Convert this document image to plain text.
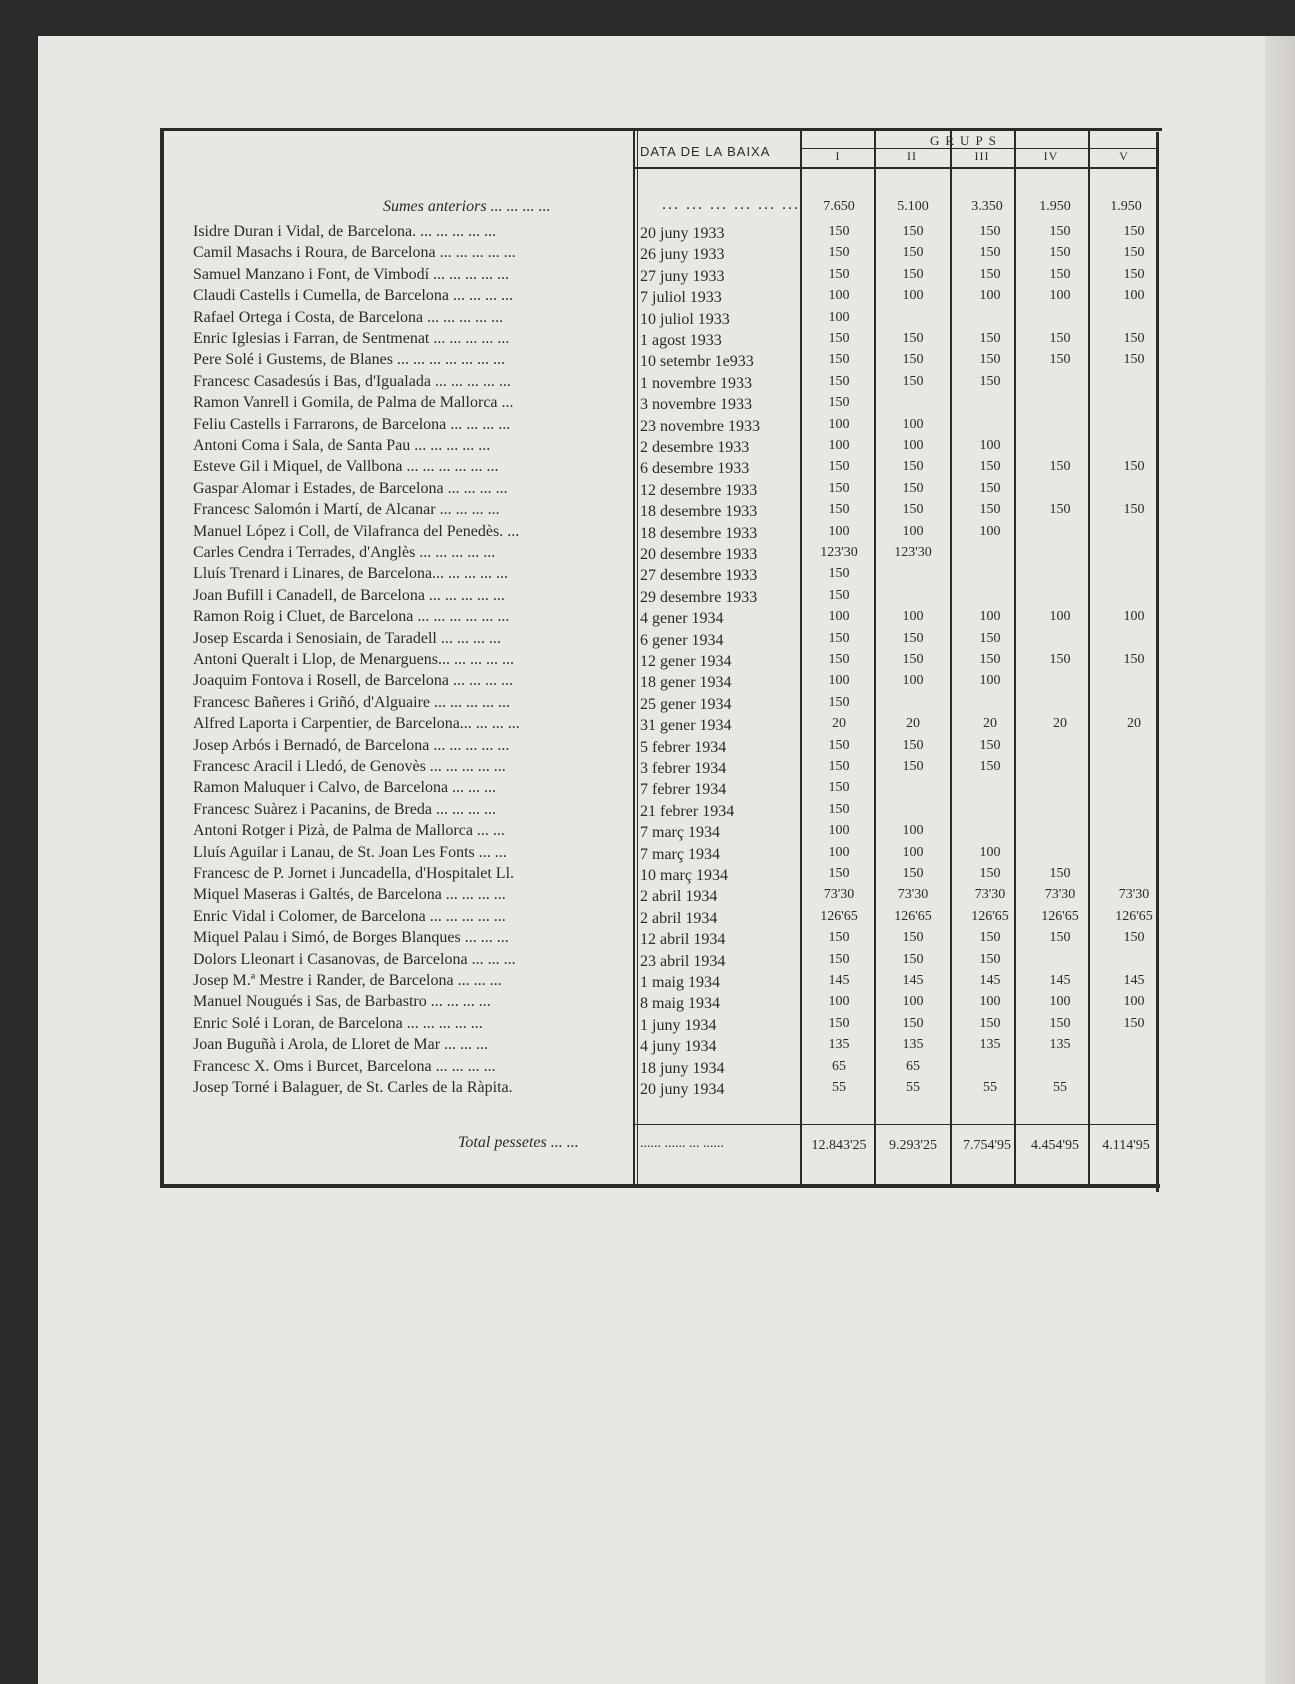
DATA DE LA BAIXA
GRUPS
I	II	III	IV	V
Sumes anteriors ... ... ... ...	... ... ... ... ... ...	7.650	5.100	3.350	1.950	1.950
Isidre Duran i Vidal, de Barcelona. ... ... ... ... ...	20 juny 1933	150	150	150	150	150
Camil Masachs i Roura, de Barcelona ... ... ... ... ...	26 juny 1933	150	150	150	150	150
Samuel Manzano i Font, de Vimbodí ... ... ... ... ...	27 juny 1933	150	150	150	150	150
Claudi Castells i Cumella, de Barcelona ... ... ... ...	7 juliol 1933	100	100	100	100	100
Rafael Ortega i Costa, de Barcelona ... ... ... ... ...	10 juliol 1933	100
Enric Iglesias i Farran, de Sentmenat ... ... ... ... ...	1 agost 1933	150	150	150	150	150
Pere Solé i Gustems, de Blanes ... ... ... ... ... ... ...	10 setembr 1e933	150	150	150	150	150
Francesc Casadesús i Bas, d'Igualada ... ... ... ... ...	1 novembre 1933	150	150	150
Ramon Vanrell i Gomila, de Palma de Mallorca ...	3 novembre 1933	150
Feliu Castells i Farrarons, de Barcelona ... ... ... ...	23 novembre 1933	100	100
Antoni Coma i Sala, de Santa Pau ... ... ... ... ...	2 desembre 1933	100	100	100
Esteve Gil i Miquel, de Vallbona ... ... ... ... ... ...	6 desembre 1933	150	150	150	150	150
Gaspar Alomar i Estades, de Barcelona ... ... ... ...	12 desembre 1933	150	150	150
Francesc Salomón i Martí, de Alcanar ... ... ... ...	18 desembre 1933	150	150	150	150	150
Manuel López i Coll, de Vilafranca del Penedès. ...	18 desembre 1933	100	100	100
Carles Cendra i Terrades, d'Anglès ... ... ... ... ...	20 desembre 1933	123'30	123'30
Lluís Trenard i Linares, de Barcelona... ... ... ... ...	27 desembre 1933	150
Joan Bufill i Canadell, de Barcelona ... ... ... ... ...	29 desembre 1933	150
Ramon Roig i Cluet, de Barcelona ... ... ... ... ... ...	4 gener 1934	100	100	100	100	100
Josep Escarda i Senosiain, de Taradell ... ... ... ...	6 gener 1934	150	150	150
Antoni Queralt i Llop, de Menarguens... ... ... ... ...	12 gener 1934	150	150	150	150	150
Joaquim Fontova i Rosell, de Barcelona ... ... ... ...	18 gener 1934	100	100	100
Francesc Bañeres i Griñó, d'Alguaire ... ... ... ... ...	25 gener 1934	150
Alfred Laporta i Carpentier, de Barcelona... ... ... ...	31 gener 1934	20	20	20	20	20
Josep Arbós i Bernadó, de Barcelona ... ... ... ... ...	5 febrer 1934	150	150	150
Francesc Aracil i Lledó, de Genovès ... ... ... ... ...	3 febrer 1934	150	150	150
Ramon Maluquer i Calvo, de Barcelona ... ... ...	7 febrer 1934	150
Francesc Suàrez i Pacanins, de Breda ... ... ... ...	21 febrer 1934	150
Antoni Rotger i Pizà, de Palma de Mallorca ... ...	7 març 1934	100	100
Lluís Aguilar i Lanau, de St. Joan Les Fonts ... ...	7 març 1934	100	100	100
Francesc de P. Jornet i Juncadella, d'Hospitalet Ll.	10 març 1934	150	150	150	150
Miquel Maseras i Galtés, de Barcelona ... ... ... ...	2 abril 1934	73'30	73'30	73'30	73'30	73'30
Enric Vidal i Colomer, de Barcelona ... ... ... ... ...	2 abril 1934	126'65	126'65	126'65	126'65	126'65
Miquel Palau i Simó, de Borges Blanques ... ... ...	12 abril 1934	150	150	150	150	150
Dolors Lleonart i Casanovas, de Barcelona ... ... ...	23 abril 1934	150	150	150
Josep M.ª Mestre i Rander, de Barcelona ... ... ...	1 maig 1934	145	145	145	145	145
Manuel Nougués i Sas, de Barbastro ... ... ... ...	8 maig 1934	100	100	100	100	100
Enric Solé i Loran, de Barcelona ... ... ... ... ...	1 juny 1934	150	150	150	150	150
Joan Buguñà i Arola, de Lloret de Mar ... ... ...	4 juny 1934	135	135	135	135
Francesc X. Oms i Burcet, Barcelona ... ... ... ...	18 juny 1934	65	65
Josep Torné i Balaguer, de St. Carles de la Ràpita.	20 juny 1934	55	55	55	55
Total pessetes ... ...	...... ...... ... ......	12.843'25	9.293'25	7.754'95	4.454'95	4.114'95
